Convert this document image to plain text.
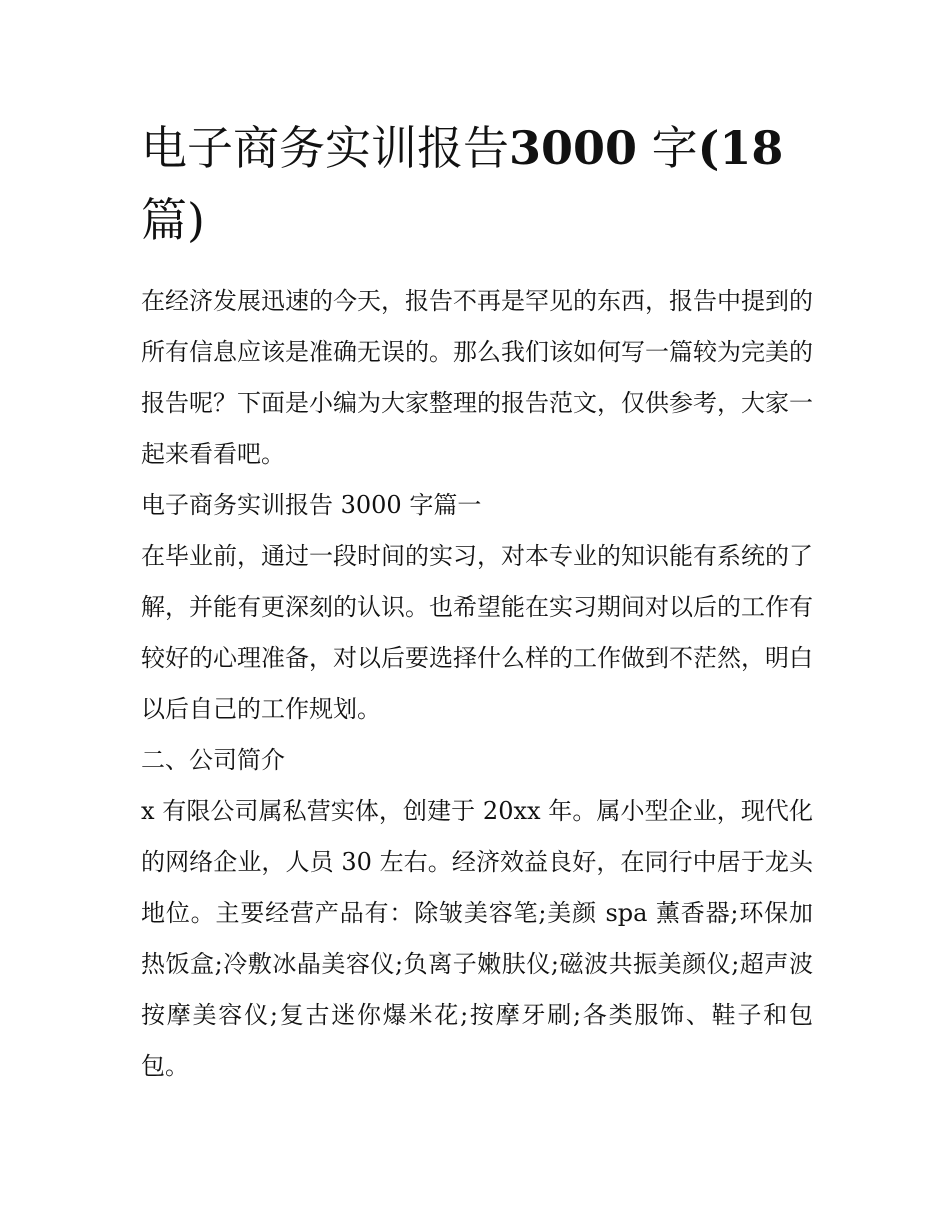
电子商务实训报告3000 字(18篇)

在经济发展迅速的今天，报告不再是罕见的东西，报告中提到的所有信息应该是准确无误的。那么我们该如何写一篇较为完美的报告呢？下面是小编为大家整理的报告范文，仅供参考，大家一起来看看吧。

电子商务实训报告 3000 字篇一

在毕业前，通过一段时间的实习，对本专业的知识能有系统的了解，并能有更深刻的认识。也希望能在实习期间对以后的工作有较好的心理准备，对以后要选择什么样的工作做到不茫然，明白以后自己的工作规划。

二、公司简介

x 有限公司属私营实体，创建于 20xx 年。属小型企业，现代化的网络企业，人员 30 左右。经济效益良好，在同行中居于龙头地位。主要经营产品有：除皱美容笔;美颜 spa 薰香器;环保加热饭盒;冷敷冰晶美容仪;负离子嫩肤仪;磁波共振美颜仪;超声波按摩美容仪;复古迷你爆米花;按摩牙刷;各类服饰、鞋子和包包。
